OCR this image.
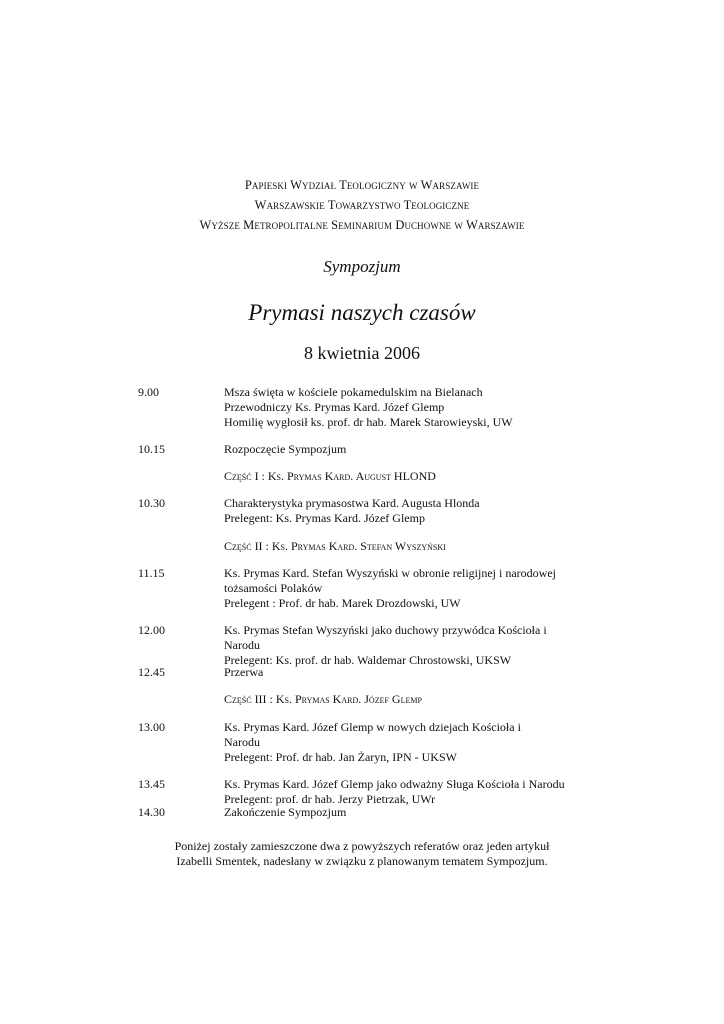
Papieski Wydział Teologiczny w Warszawie
Warszawskie Towarzystwo Teologiczne
Wyższe Metropolitalne Seminarium Duchowne w Warszawie
Sympozjum
Prymasi naszych czasów
8 kwietnia 2006
9.00	Msza święta w kościele pokamedulskim na Bielanach
Przewodniczy Ks. Prymas Kard. Józef Glemp
Homilię wygłosił ks. prof. dr hab. Marek Starowieyski, UW
10.15	Rozpoczęcie Sympozjum
Część I : Ks. Prymas Kard. August HLOND
10.30	Charakterystyka prymasostwa Kard. Augusta Hlonda
Prelegent: Ks. Prymas Kard. Józef Glemp
Część II : Ks. Prymas Kard. Stefan Wyszyński
11.15	Ks. Prymas Kard. Stefan Wyszyński w obronie religijnej i narodowej
tożsamości Polaków
Prelegent : Prof. dr hab. Marek Drozdowski, UW
12.00	Ks. Prymas Stefan Wyszyński jako duchowy przywódca Kościoła i
Narodu
Prelegent: Ks. prof. dr hab. Waldemar Chrostowski, UKSW
12.45	Przerwa
Część III : Ks. Prymas Kard. Józef Glemp
13.00	Ks. Prymas Kard. Józef Glemp w nowych dziejach Kościoła i
Narodu
Prelegent: Prof. dr hab. Jan Żaryn, IPN - UKSW
13.45	Ks. Prymas Kard. Józef Glemp jako odważny Sługa Kościoła i Narodu
Prelegent: prof. dr hab. Jerzy Pietrzak, UWr
14.30	Zakończenie Sympozjum
Poniżej zostały zamieszczone dwa z powyższych referatów oraz jeden artykuł
Izabelli Smentek, nadesłany w związku z planowanym tematem Sympozjum.
